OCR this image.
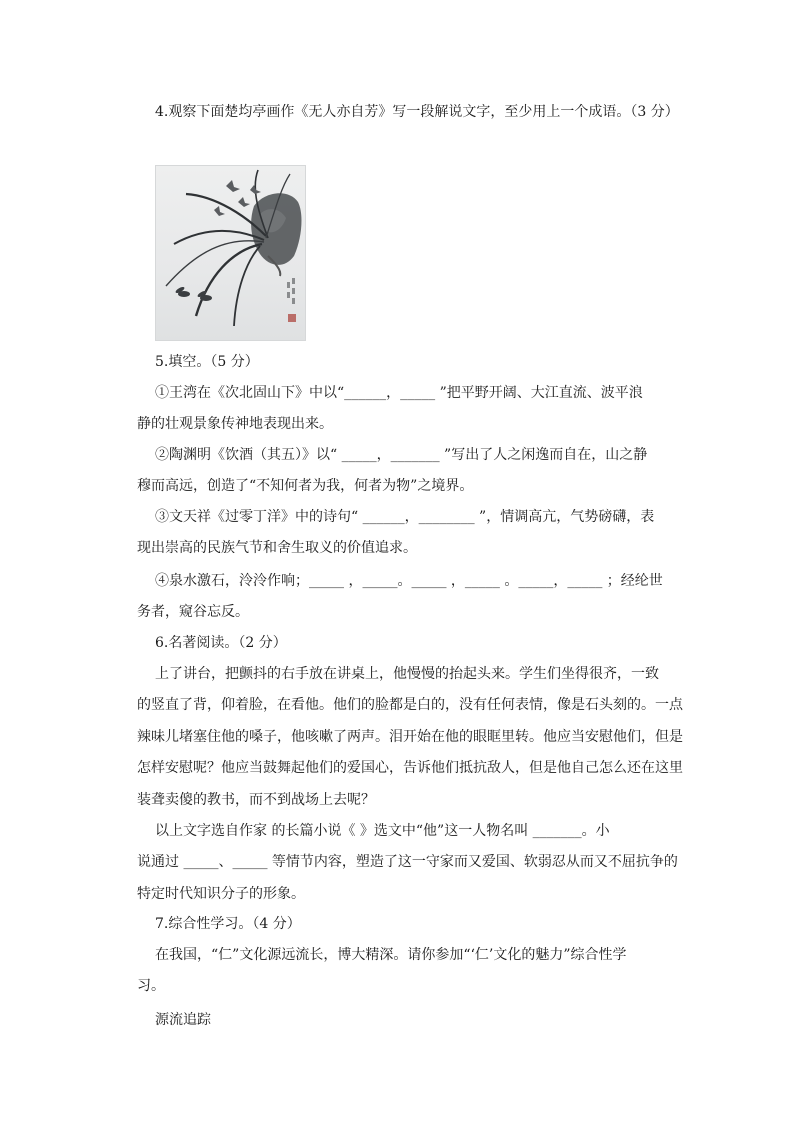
4.观察下面楚均亭画作《无人亦自芳》写一段解说文字，至少用上一个成语。（3 分）

5.填空。（5 分）

①王湾在《次北固山下》中以“______，_____ ”把平野开阔、大江直流、波平浪
静的壮观景象传神地表现出来。
②陶渊明《饮酒（其五）》以“ _____，_______ ”写出了人之闲逸而自在，山之静
穆而高远，创造了“不知何者为我，何者为物”之境界。
③文天祥《过零丁洋》中的诗句“ ______，________ ”，情调高亢，气势磅礴，表
现出崇高的民族气节和舍生取义的价值追求。
④泉水激石，泠泠作响；_____ ，_____。_____ ，_____ 。_____，_____ ；经纶世
务者，窥谷忘反。

6.名著阅读。（2 分）

上了讲台，把颤抖的右手放在讲桌上，他慢慢的抬起头来。学生们坐得很齐，一致
的竖直了背，仰着脸，在看他。他们的脸都是白的，没有任何表情，像是石头刻的。一点
辣味儿堵塞住他的嗓子，他咳嗽了两声。泪开始在他的眼眶里转。他应当安慰他们，但是
怎样安慰呢？他应当鼓舞起他们的爱国心，告诉他们抵抗敌人，但是他自己怎么还在这里
装聋卖傻的教书，而不到战场上去呢？
以上文字选自作家 的长篇小说《 》选文中“他”这一人物名叫 _______。小
说通过 _____、_____ 等情节内容，塑造了这一守家而又爱国、软弱忍从而又不屈抗争的
特定时代知识分子的形象。

7.综合性学习。（4 分）

在我国，“仁”文化源远流长，博大精深。请你参加“‘仁’文化的魅力”综合性学
习。

源流追踪
